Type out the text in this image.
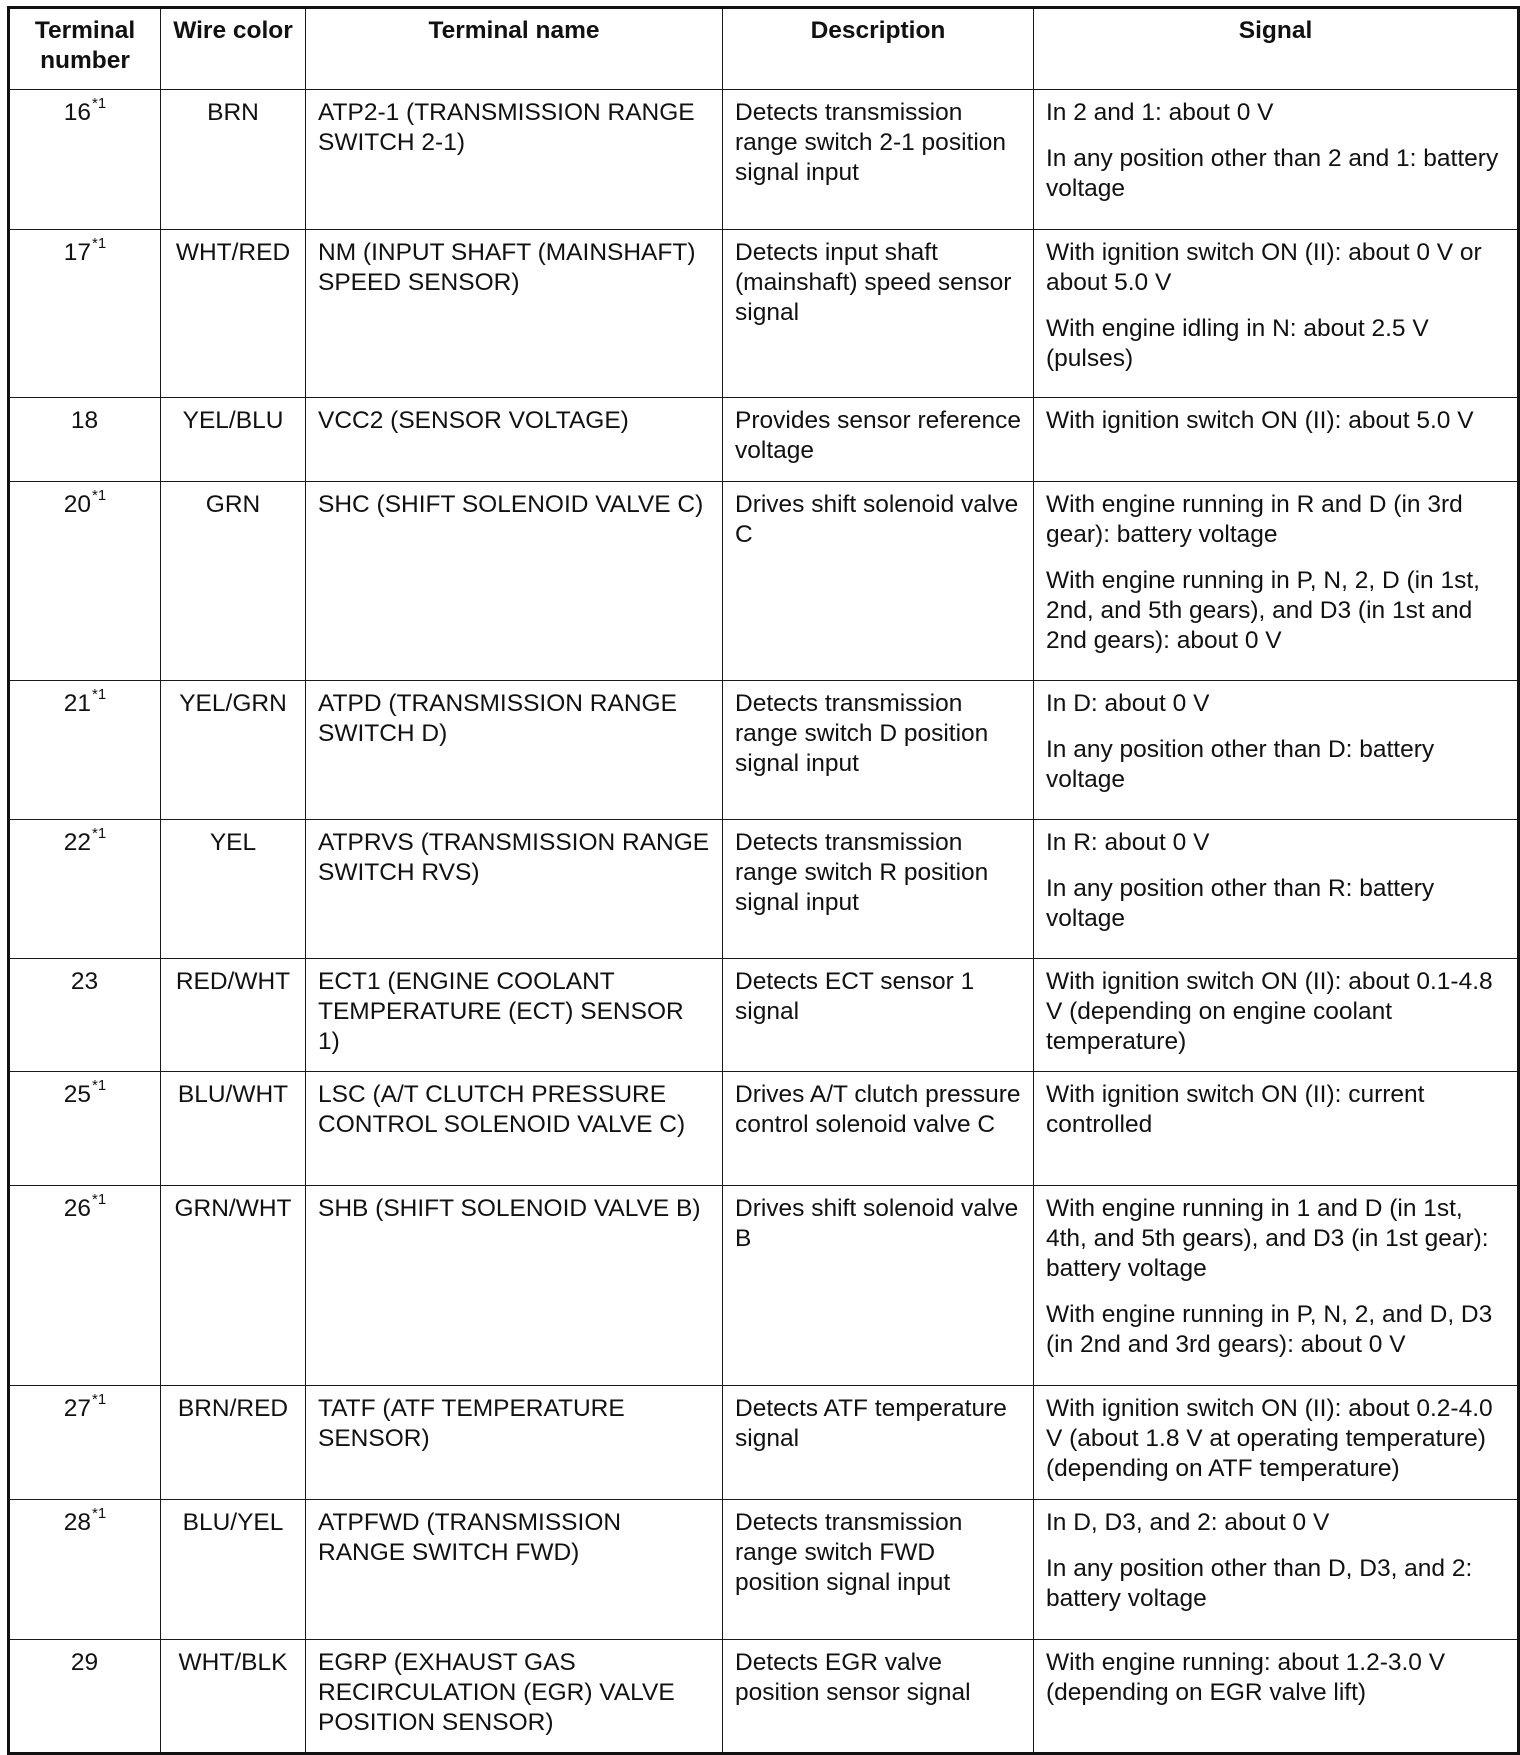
Terminal number	Wire color	Terminal name	Description	Signal
16$^{*1}$	BRN	ATP2-1 (TRANSMISSION RANGE SWITCH 2-1)	Detects transmission range switch 2-1 position signal input	In 2 and 1: about 0 V

In any position other than 2 and 1: battery voltage

17$^{*1}$	WHT/RED	NM (INPUT SHAFT (MAINSHAFT) SPEED SENSOR)	Detects input shaft (mainshaft) speed sensor signal	With ignition switch ON (II): about 0 V or about 5.0 V

With engine idling in N: about 2.5 V (pulses)

18	YEL/BLU	VCC2 (SENSOR VOLTAGE)	Provides sensor reference voltage	With ignition switch ON (II): about 5.0 V

20$^{*1}$	GRN	SHC (SHIFT SOLENOID VALVE C)	Drives shift solenoid valve C	With engine running in R and D (in 3rd gear): battery voltage

With engine running in P, N, 2, D (in 1st, 2nd, and 5th gears), and D3 (in 1st and 2nd gears): about 0 V

21$^{*1}$	YEL/GRN	ATPD (TRANSMISSION RANGE SWITCH D)	Detects transmission range switch D position signal input	In D: about 0 V

In any position other than D: battery voltage

22$^{*1}$	YEL	ATPRVS (TRANSMISSION RANGE SWITCH RVS)	Detects transmission range switch R position signal input	In R: about 0 V

In any position other than R: battery voltage

23	RED/WHT	ECT1 (ENGINE COOLANT TEMPERATURE (ECT) SENSOR 1)	Detects ECT sensor 1 signal	With ignition switch ON (II): about 0.1-4.8 V (depending on engine coolant temperature)

25$^{*1}$	BLU/WHT	LSC (A/T CLUTCH PRESSURE CONTROL SOLENOID VALVE C)	Drives A/T clutch pressure control solenoid valve C	With ignition switch ON (II): current controlled

26$^{*1}$	GRN/WHT	SHB (SHIFT SOLENOID VALVE B)	Drives shift solenoid valve B	With engine running in 1 and D (in 1st, 4th, and 5th gears), and D3 (in 1st gear): battery voltage

With engine running in P, N, 2, and D, D3 (in 2nd and 3rd gears): about 0 V

27$^{*1}$	BRN/RED	TATF (ATF TEMPERATURE SENSOR)	Detects ATF temperature signal	With ignition switch ON (II): about 0.2-4.0 V (about 1.8 V at operating temperature) (depending on ATF temperature)

28$^{*1}$	BLU/YEL	ATPFWD (TRANSMISSION RANGE SWITCH FWD)	Detects transmission range switch FWD position signal input	In D, D3, and 2: about 0 V

In any position other than D, D3, and 2: battery voltage

29	WHT/BLK	EGRP (EXHAUST GAS RECIRCULATION (EGR) VALVE POSITION SENSOR)	Detects EGR valve position sensor signal	With engine running: about 1.2-3.0 V (depending on EGR valve lift)
